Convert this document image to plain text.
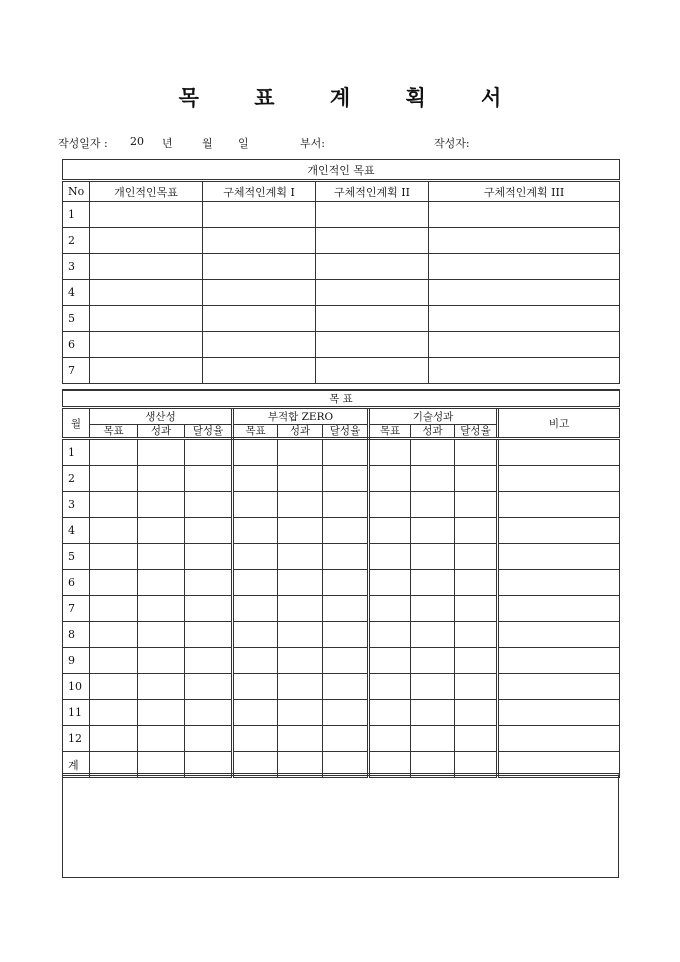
목 표 계 획 서
작성일자 : 20 년	월 일	부서:	작성자:
개인적인 목표				
No	개인적인목표	구체적인계획 I	구체적인계획 II	구체적인계획 III
1				
2				
3				
4				
5				
6				
7				
목 표										
월	생산성			부적합 ZERO			기술성과			비고
	목표	성과	달성율	목표	성과	달성율	목표	성과	달성율	
1										
2										
3										
4										
5										
6										
7										
8										
9										
10										
11										
12										
계										
